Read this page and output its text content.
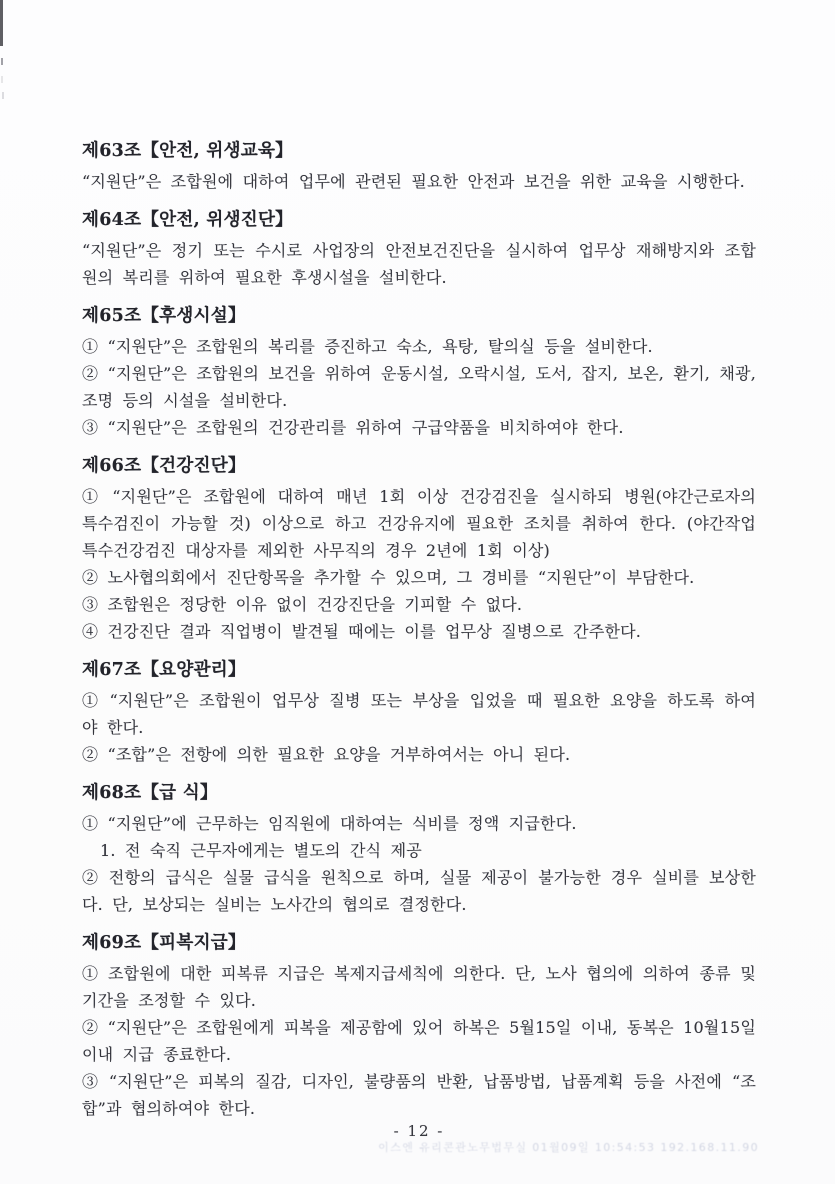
제63조【안전, 위생교육】

“지원단”은 조합원에 대하여 업무에 관련된 필요한 안전과 보건을 위한 교육을 시행한다.

제64조【안전, 위생진단】

“지원단”은 정기 또는 수시로 사업장의 안전보건진단을 실시하여 업무상 재해방지와 조합원의 복리를 위하여 필요한 후생시설을 설비한다.

제65조【후생시설】

① “지원단”은 조합원의 복리를 증진하고 숙소, 욕탕, 탈의실 등을 설비한다.

② “지원단”은 조합원의 보건을 위하여 운동시설, 오락시설, 도서, 잡지, 보온, 환기, 채광, 조명 등의 시설을 설비한다.

③ “지원단”은 조합원의 건강관리를 위하여 구급약품을 비치하여야 한다.

제66조【건강진단】

① “지원단”은 조합원에 대하여 매년 1회 이상 건강검진을 실시하되 병원(야간근로자의 특수검진이 가능할 것) 이상으로 하고 건강유지에 필요한 조치를 취하여 한다. (야간작업 특수건강검진 대상자를 제외한 사무직의 경우 2년에 1회 이상)

② 노사협의회에서 진단항목을 추가할 수 있으며, 그 경비를 “지원단”이 부담한다.

③ 조합원은 정당한 이유 없이 건강진단을 기피할 수 없다.

④ 건강진단 결과 직업병이 발견될 때에는 이를 업무상 질병으로 간주한다.

제67조【요양관리】

① “지원단”은 조합원이 업무상 질병 또는 부상을 입었을 때 필요한 요양을 하도록 하여야 한다.

② “조합”은 전항에 의한 필요한 요양을 거부하여서는 아니 된다.

제68조【급 식】

① “지원단”에 근무하는 임직원에 대하여는 식비를 정액 지급한다.

1. 전 숙직 근무자에게는 별도의 간식 제공

② 전항의 급식은 실물 급식을 원칙으로 하며, 실물 제공이 불가능한 경우 실비를 보상한다. 단, 보상되는 실비는 노사간의 협의로 결정한다.

제69조【피복지급】

① 조합원에 대한 피복류 지급은 복제지급세칙에 의한다. 단, 노사 협의에 의하여 종류 및 기간을 조정할 수 있다.

② “지원단”은 조합원에게 피복을 제공함에 있어 하복은 5월15일 이내, 동복은 10월15일 이내 지급 종료한다.

③ “지원단”은 피복의 질감, 디자인, 불량품의 반환, 납품방법, 납품계획 등을 사전에 “조합”과 협의하여야 한다.

- 12 -
이스엔 유리콘관노무법무실 01월09일 10:54:53 192.168.11.90
